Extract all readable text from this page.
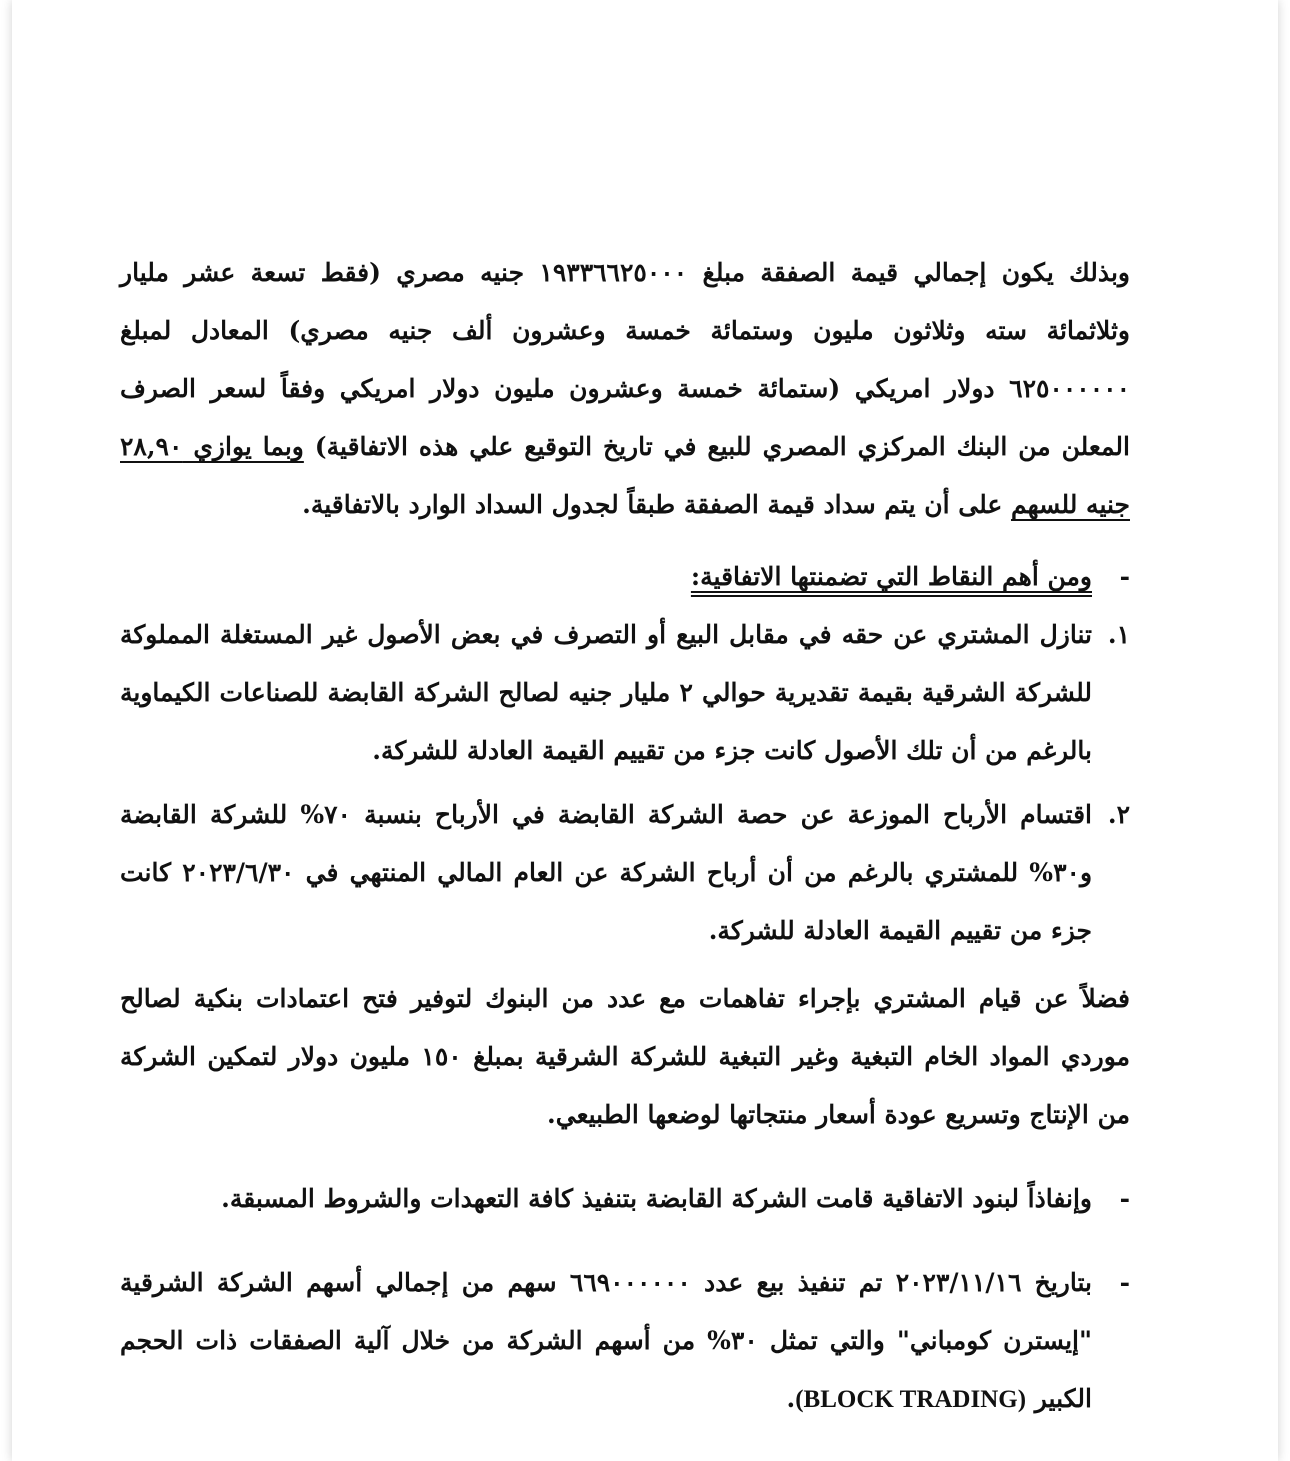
وبذلك يكون إجمالي قيمة الصفقة مبلغ ١٩٣٣٦٦٢٥٠٠٠ جنيه مصري (فقط تسعة عشر مليار وثلاثمائة سته وثلاثون مليون وستمائة خمسة وعشرون ألف جنيه مصري) المعادل لمبلغ ٦٢٥٠٠٠٠٠٠ دولار امريكي (ستمائة خمسة وعشرون مليون دولار امريكي وفقاً لسعر الصرف المعلن من البنك المركزي المصري للبيع في تاريخ التوقيع علي هذه الاتفاقية) وبما يوازي ٢٨,٩٠ جنيه للسهم على أن يتم سداد قيمة الصفقة طبقاً لجدول السداد الوارد بالاتفاقية.

-
ومن أهم النقاط التي تضمنتها الاتفاقية:

١.
تنازل المشتري عن حقه في مقابل البيع أو التصرف في بعض الأصول غير المستغلة المملوكة للشركة الشرقية بقيمة تقديرية حوالي ٢ مليار جنيه لصالح الشركة القابضة للصناعات الكيماوية بالرغم من أن تلك الأصول كانت جزء من تقييم القيمة العادلة للشركة.
٢.
اقتسام الأرباح الموزعة عن حصة الشركة القابضة في الأرباح بنسبة ٧٠% للشركة القابضة و٣٠% للمشتري بالرغم من أن أرباح الشركة عن العام المالي المنتهي في ٢٠٢٣/٦/٣٠ كانت جزء من تقييم القيمة العادلة للشركة.

فضلاً عن قيام المشتري بإجراء تفاهمات مع عدد من البنوك لتوفير فتح اعتمادات بنكية لصالح موردي المواد الخام التبغية وغير التبغية للشركة الشرقية بمبلغ ١٥٠ مليون دولار لتمكين الشركة من الإنتاج وتسريع عودة أسعار منتجاتها لوضعها الطبيعي.

-
وإنفاذاً لبنود الاتفاقية قامت الشركة القابضة بتنفيذ كافة التعهدات والشروط المسبقة.

-
بتاريخ ٢٠٢٣/١١/١٦ تم تنفيذ بيع عدد ٦٦٩٠٠٠٠٠٠ سهم من إجمالي أسهم الشركة الشرقية "إيسترن كومباني" والتي تمثل ٣٠% من أسهم الشركة من خلال آلية الصفقات ذات الحجم الكبير (BLOCK TRADING).
